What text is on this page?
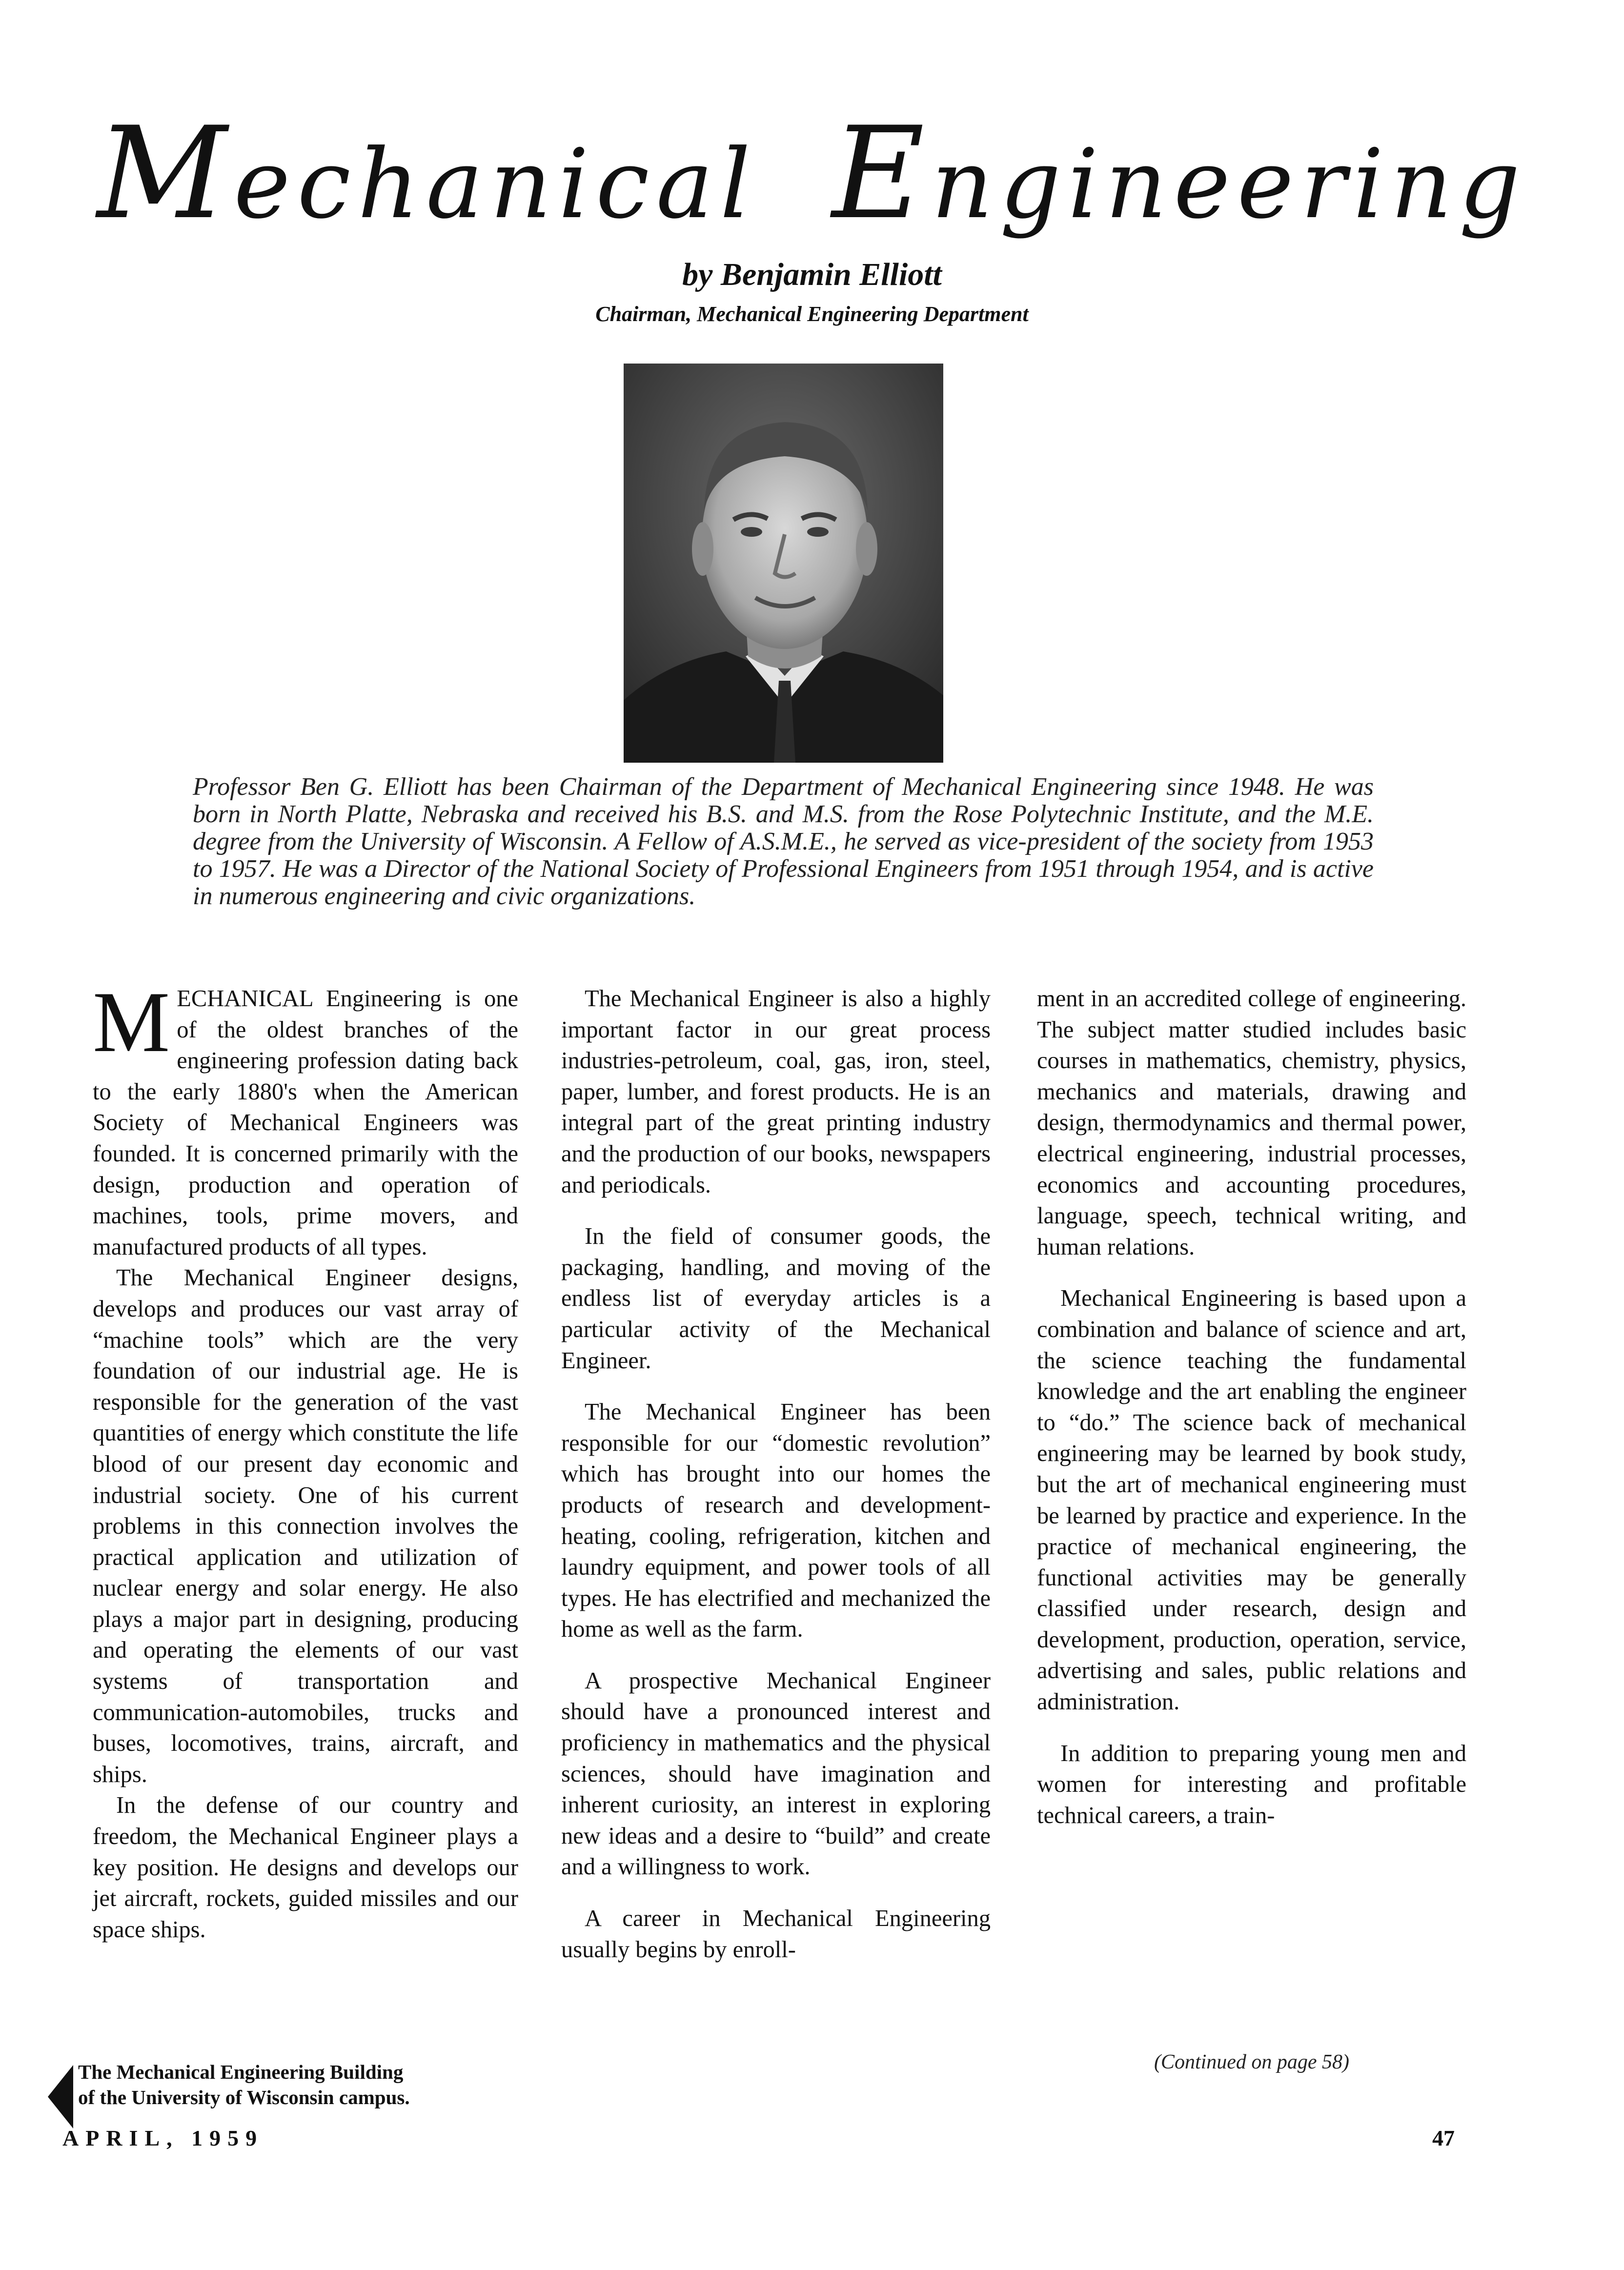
Mechanical Engineering
by Benjamin Elliott
Chairman, Mechanical Engineering Department

Professor Ben G. Elliott has been Chairman of the Department of Mechanical Engineering since 1948. He was born in North Platte, Nebraska and received his B.S. and M.S. from the Rose Polytechnic Institute, and the M.E. degree from the University of Wisconsin. A Fellow of A.S.M.E., he served as vice-president of the society from 1953 to 1957. He was a Director of the National Society of Professional Engineers from 1951 through 1954, and is active in numerous engineering and civic organizations.

M ECHANICAL Engineering is one of the oldest branches of the engineering profession dating back to the early 1880's when the American Society of Mechanical Engineers was founded. It is concerned primarily with the design, production and operation of machines, tools, prime movers, and manufactured products of all types.

The Mechanical Engineer designs, develops and produces our vast array of “machine tools” which are the very foundation of our industrial age. He is responsible for the generation of the vast quantities of energy which constitute the life blood of our present day economic and industrial society. One of his current problems in this connection involves the practical application and utilization of nuclear energy and solar energy. He also plays a major part in designing, producing and operating the elements of our vast systems of transportation and communication-automobiles, trucks and buses, locomotives, trains, aircraft, and ships.

In the defense of our country and freedom, the Mechanical Engineer plays a key position. He designs and develops our jet aircraft, rockets, guided missiles and our space ships.

The Mechanical Engineer is also a highly important factor in our great process industries-petroleum, coal, gas, iron, steel, paper, lumber, and forest products. He is an integral part of the great printing industry and the production of our books, newspapers and periodicals.

In the field of consumer goods, the packaging, handling, and moving of the endless list of everyday articles is a particular activity of the Mechanical Engineer.

The Mechanical Engineer has been responsible for our “domestic revolution” which has brought into our homes the products of research and development-heating, cooling, refrigeration, kitchen and laundry equipment, and power tools of all types. He has electrified and mechanized the home as well as the farm.

A prospective Mechanical Engineer should have a pronounced interest and proficiency in mathematics and the physical sciences, should have imagination and inherent curiosity, an interest in exploring new ideas and a desire to “build” and create and a willingness to work.

A career in Mechanical Engineering usually begins by enroll-

ment in an accredited college of engineering. The subject matter studied includes basic courses in mathematics, chemistry, physics, mechanics and materials, drawing and design, thermodynamics and thermal power, electrical engineering, industrial processes, economics and accounting procedures, language, speech, technical writing, and human relations.

Mechanical Engineering is based upon a combination and balance of science and art, the science teaching the fundamental knowledge and the art enabling the engineer to “do.” The science back of mechanical engineering may be learned by book study, but the art of mechanical engineering must be learned by practice and experience. In the practice of mechanical engineering, the functional activities may be generally classified under research, design and development, production, operation, service, advertising and sales, public relations and administration.

In addition to preparing young men and women for interesting and profitable technical careers, a train-

(Continued on page 58)
The Mechanical Engineering Building
of the University of Wisconsin campus.
APRIL, 1959	47
